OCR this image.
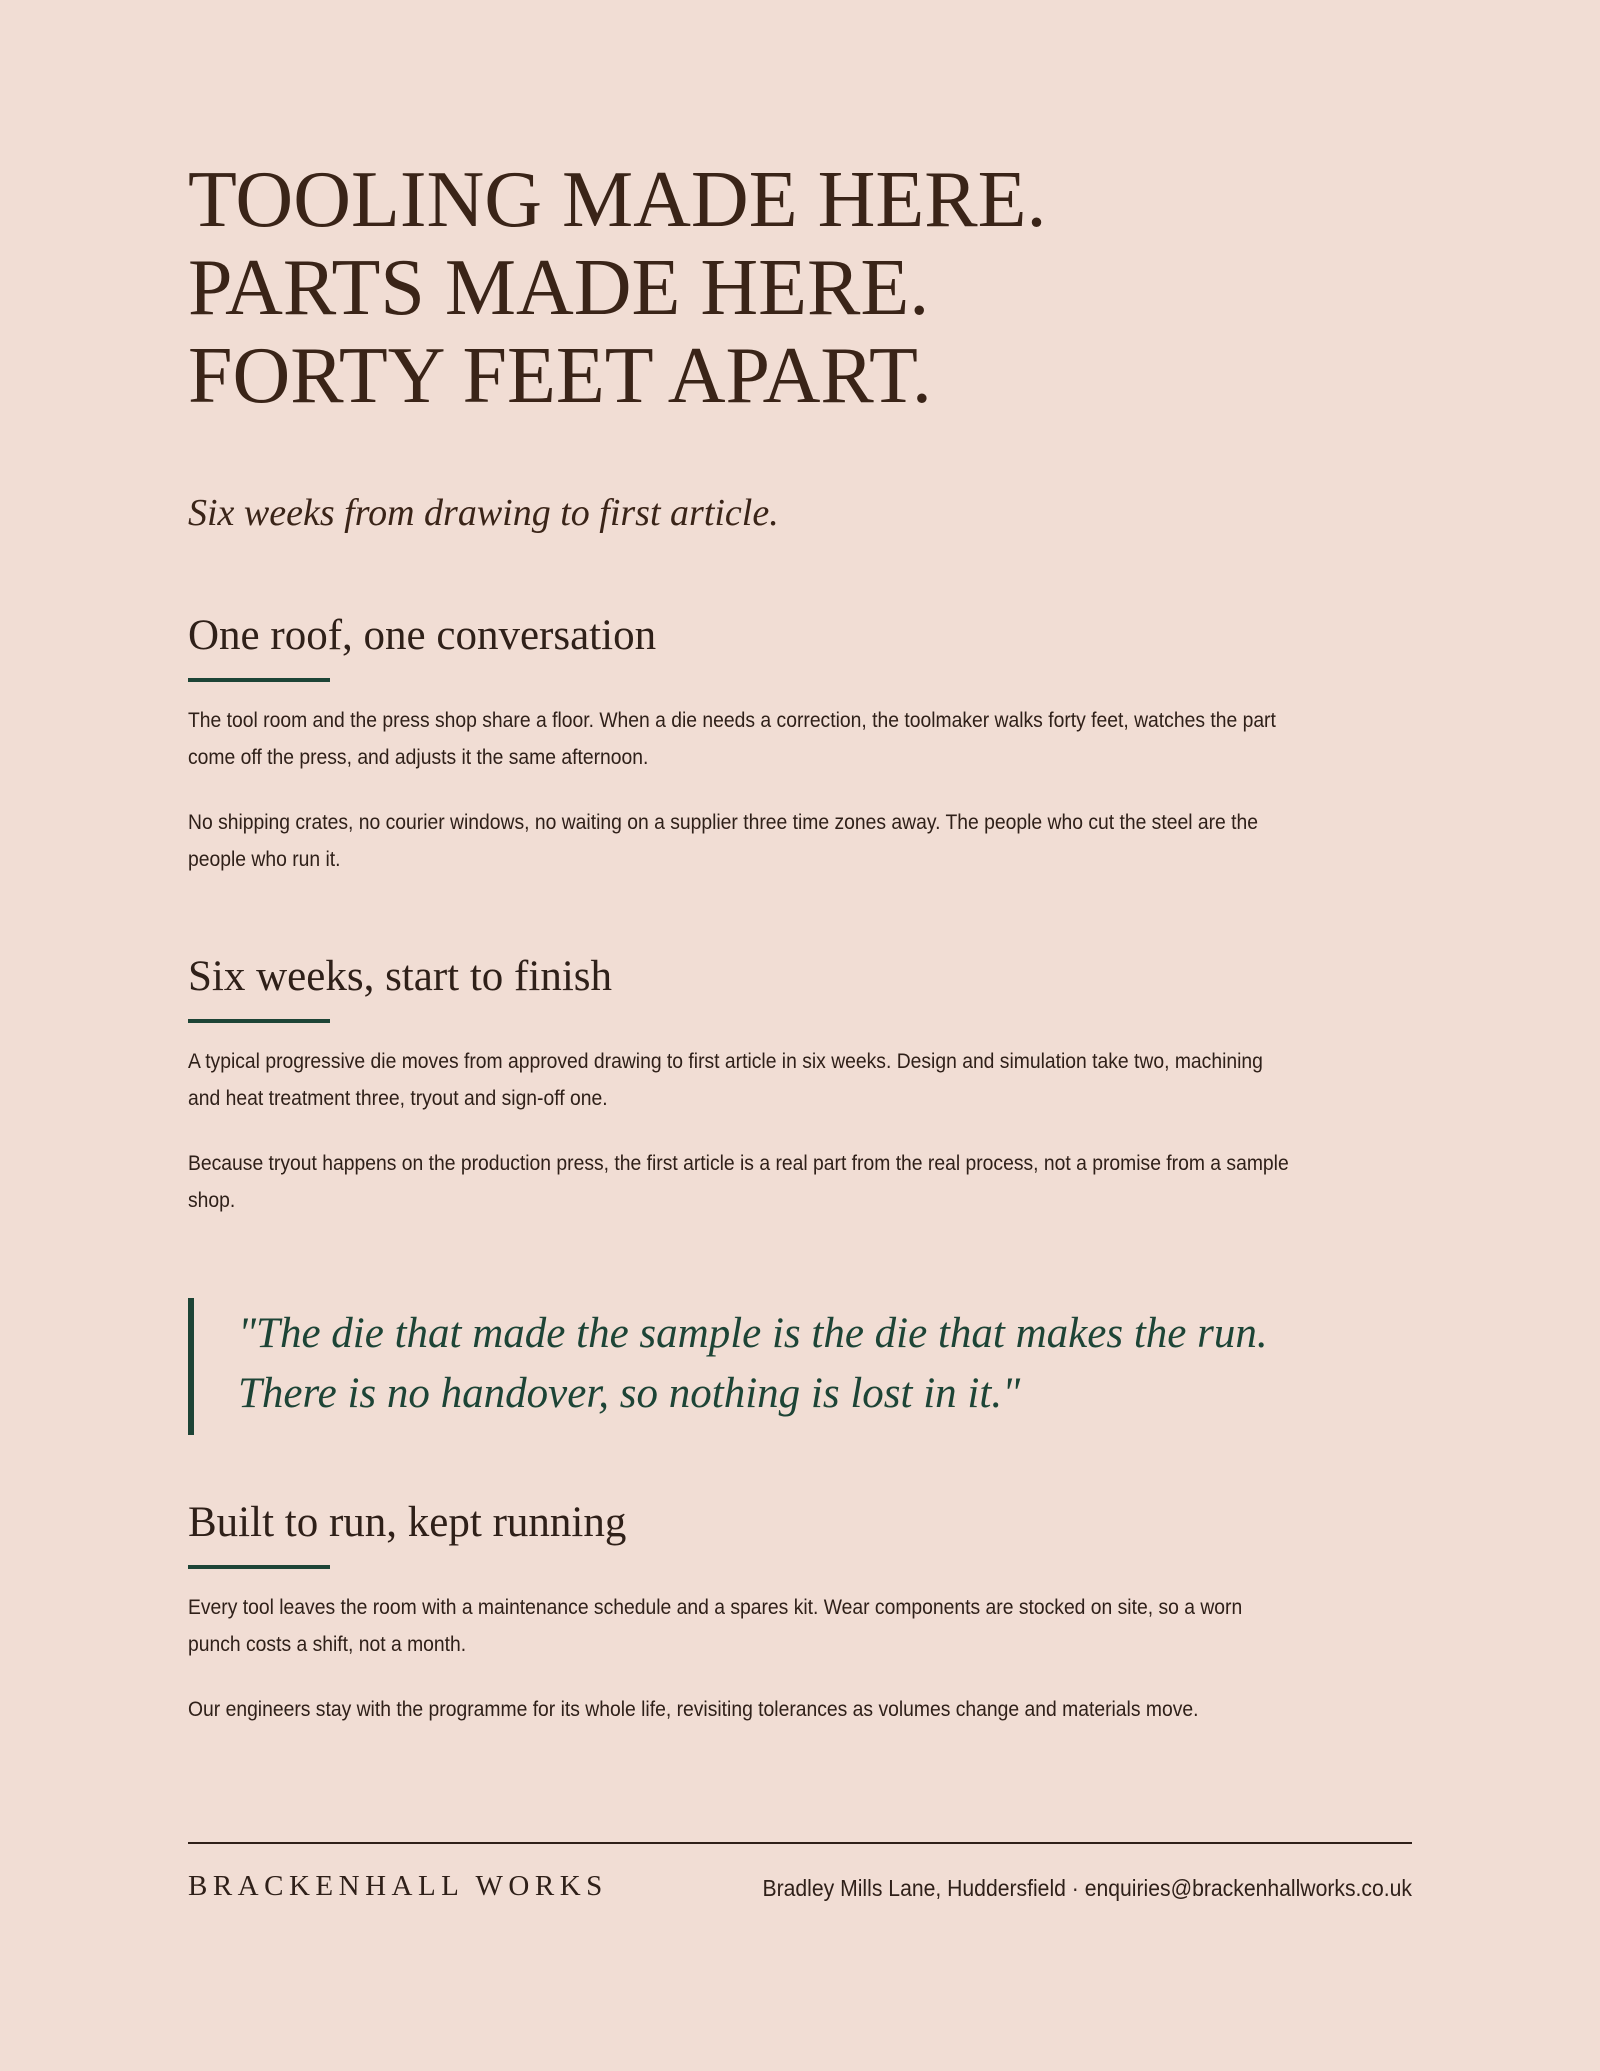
TOOLING MADE HERE.
PARTS MADE HERE.
FORTY FEET APART.

Six weeks from drawing to first article.

One roof, one conversation

The tool room and the press shop share a floor. When a die needs a correction, the toolmaker walks forty feet, watches the part come off the press, and adjusts it the same afternoon.

No shipping crates, no courier windows, no waiting on a supplier three time zones away. The people who cut the steel are the people who run it.

Six weeks, start to finish

A typical progressive die moves from approved drawing to first article in six weeks. Design and simulation take two, machining and heat treatment three, tryout and sign-off one.

Because tryout happens on the production press, the first article is a real part from the real process, not a promise from a sample shop.

"The die that made the sample is the die that makes the run.
There is no handover, so nothing is lost in it."
Built to run, kept running

Every tool leaves the room with a maintenance schedule and a spares kit. Wear components are stocked on site, so a worn punch costs a shift, not a month.

Our engineers stay with the programme for its whole life, revisiting tolerances as volumes change and materials move.

BRACKENHALL WORKS	Bradley Mills Lane, Huddersfield · enquiries@brackenhallworks.co.uk
